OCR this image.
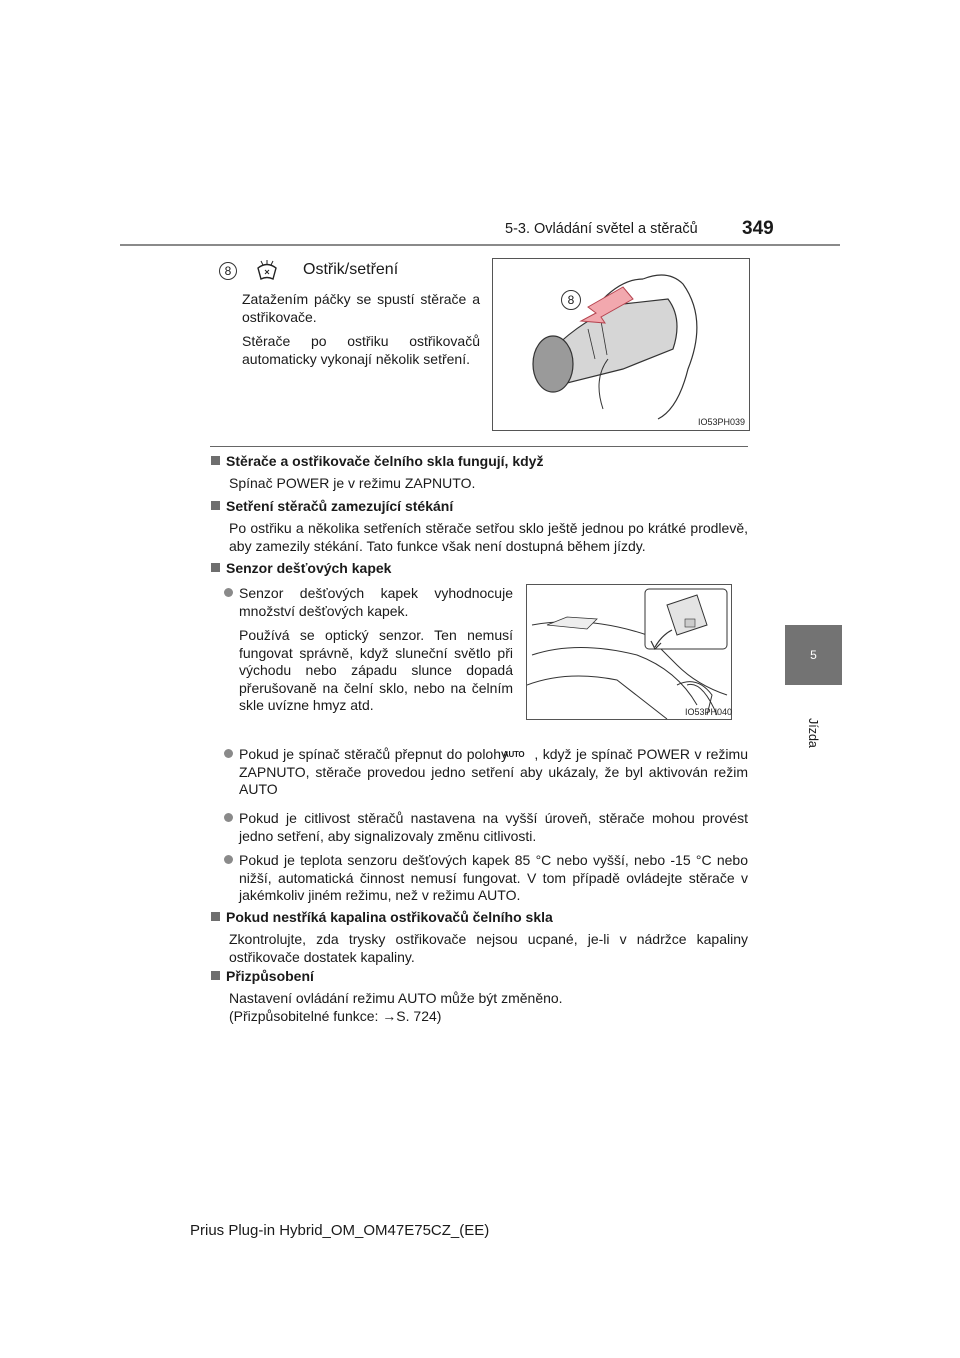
5-3. Ovládání světel a stěračů 349
5
Jízda
8	Ostřik/setření

Zatažením páčky se spustí stěrače a ostřikovače.

Stěrače po ostřiku ostřikovačů automaticky vykonají několik setření.

8
IO53PH039
Stěrače a ostřikovače čelního skla fungují, když

Spínač POWER je v režimu ZAPNUTO.

Setření stěračů zamezující stékání

Po ostřiku a několika setřeních stěrače setřou sklo ještě jednou po krátké prodlevě, aby zamezily stékání. Tato funkce však není dostupná během jízdy.

Senzor dešťových kapek

Senzor dešťových kapek vyhodnocuje množství dešťových kapek.

Používá se optický senzor. Ten nemusí fungovat správně, když sluneční světlo při východu nebo západu slunce dopadá přerušovaně na čelní sklo, nebo na čelním skle uvízne hmyz atd.	IO53PH040

Pokud je spínač stěračů přepnut do polohyAUTO , když je spínač POWER v režimu ZAPNUTO, stěrače provedou jedno setření aby ukázaly, že byl aktivován režim AUTO

Pokud je citlivost stěračů nastavena na vyšší úroveň, stěrače mohou provést jedno setření, aby signalizovaly změnu citlivosti.

Pokud je teplota senzoru dešťových kapek 85 °C nebo vyšší, nebo -15 °C nebo nižší, automatická činnost nemusí fungovat. V tom případě ovládejte stěrače v jakémkoliv jiném režimu, než v režimu AUTO.

Pokud nestříká kapalina ostřikovačů čelního skla

Zkontrolujte, zda trysky ostřikovače nejsou ucpané, je-li v nádržce kapaliny ostřikovače dostatek kapaliny.

Přizpůsobení

Nastavení ovládání režimu AUTO může být změněno.

(Přizpůsobitelné funkce: →S. 724)

Prius Plug-in Hybrid_OM_OM47E75CZ_(EE)
